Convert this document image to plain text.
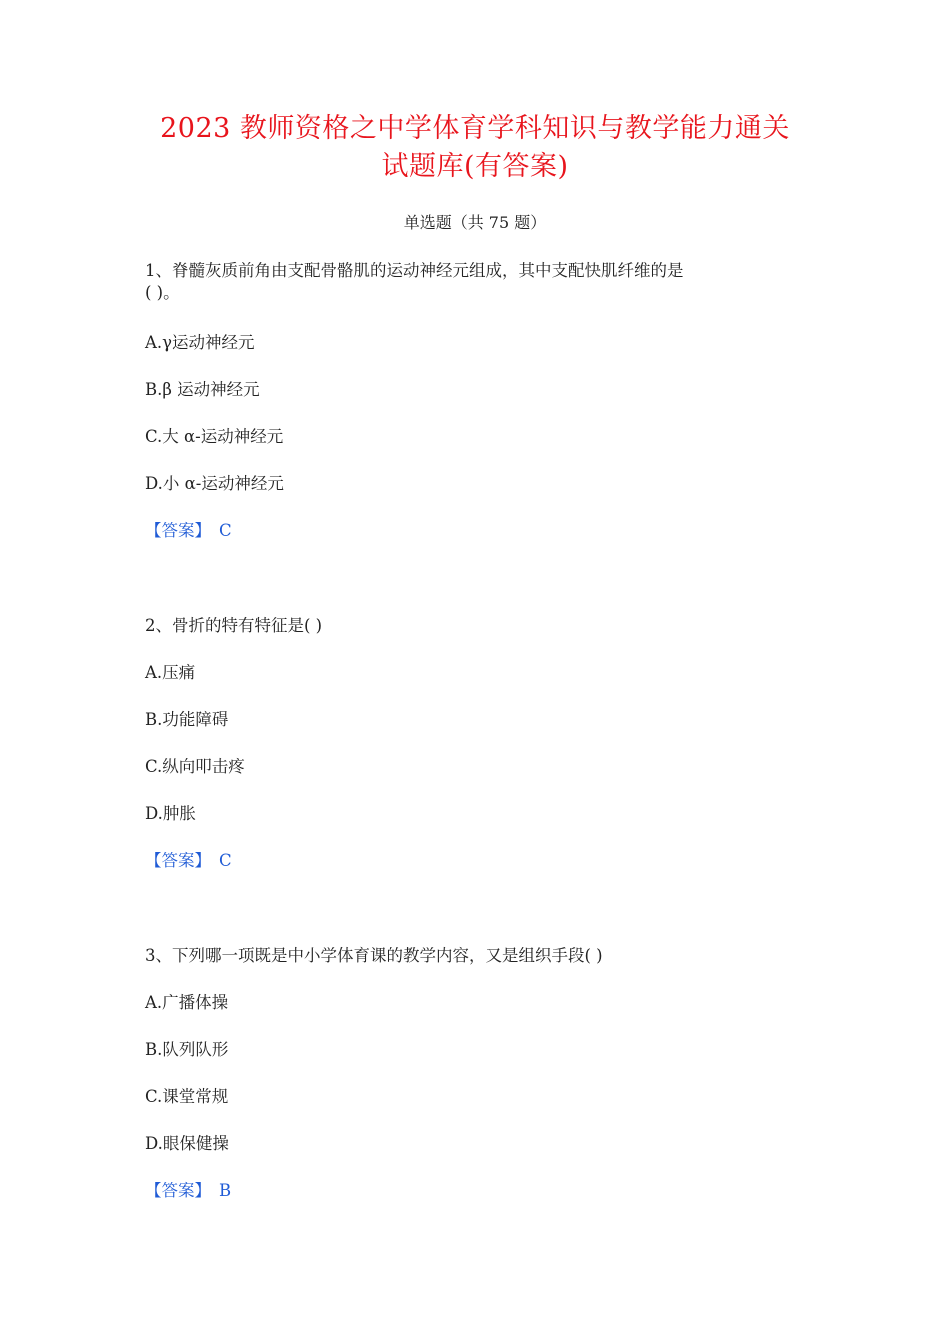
2023 教师资格之中学体育学科知识与教学能力通关
试题库(有答案)
单选题（共 75 题）
1、脊髓灰质前角由支配骨骼肌的运动神经元组成，其中支配快肌纤维的是
( )。
A.γ运动神经元
B.β 运动神经元
C.大 α-运动神经元
D.小 α-运动神经元
【答案】 C
2、骨折的特有特征是( )
A.压痛
B.功能障碍
C.纵向叩击疼
D.肿胀
【答案】 C
3、下列哪一项既是中小学体育课的教学内容，又是组织手段( )
A.广播体操
B.队列队形
C.课堂常规
D.眼保健操
【答案】 B
